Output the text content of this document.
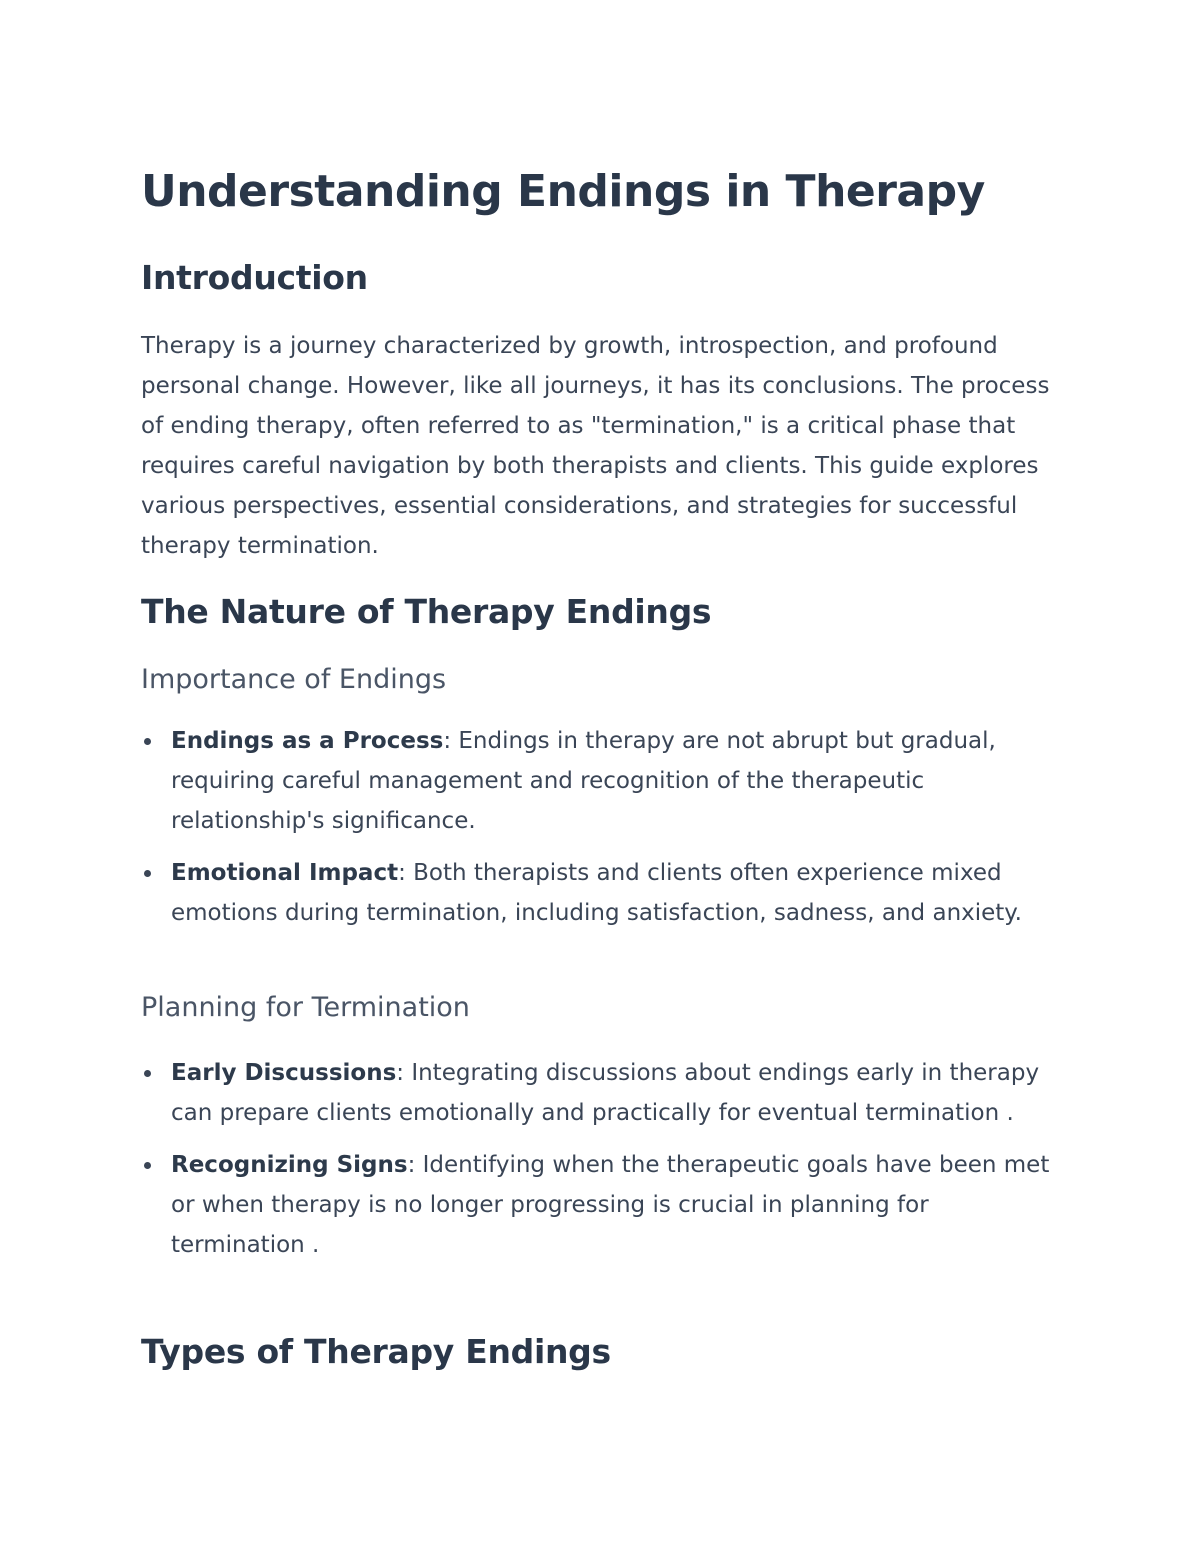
Understanding Endings in Therapy
Introduction

Therapy is a journey characterized by growth, introspection, and profound personal change. However, like all journeys, it has its conclusions. The process of ending therapy, often referred to as "termination," is a critical phase that requires careful navigation by both therapists and clients. This guide explores various perspectives, essential considerations, and strategies for successful therapy termination.

The Nature of Therapy Endings
Importance of Endings
Endings as a Process: Endings in therapy are not abrupt but gradual, requiring careful management and recognition of the therapeutic relationship's significance.
Emotional Impact: Both therapists and clients often experience mixed emotions during termination, including satisfaction, sadness, and anxiety.
Planning for Termination
Early Discussions: Integrating discussions about endings early in therapy can prepare clients emotionally and practically for eventual termination .
Recognizing Signs: Identifying when the therapeutic goals have been met or when therapy is no longer progressing is crucial in planning for termination .
Types of Therapy Endings
